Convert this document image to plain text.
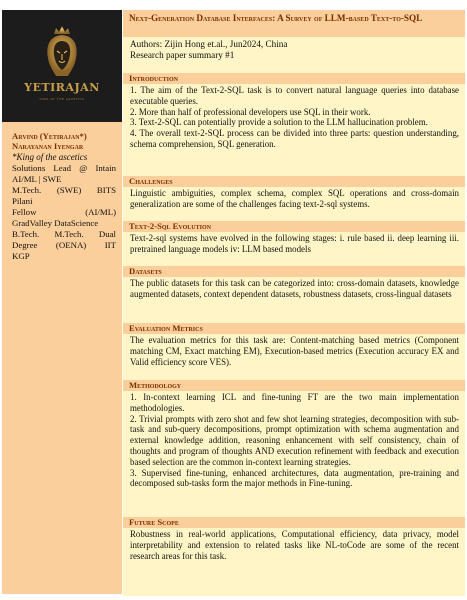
YETIRAJAN
KING OF THE ASCETICS
Arvind (Yetirajan*) Narayanan Iyengar
*King of the ascetics
Solutions Lead @ Intain
AI/ML | SWE
M.Tech. (SWE) BITS
Pilani
Fellow (AI/ML)
GradValley DataScience
B.Tech. M.Tech. Dual
Degree (OENA) IIT
KGP
Next-Generation Database Interfaces: A Survey of LLM-based Text-to-SQL
Authors: Zijin Hong et.al., Jun2024, China
Research paper summary #1
Introduction

1. The aim of the Text-2-SQL task is to convert natural language queries into database executable queries.

2. More than half of professional developers use SQL in their work.

3. Text-2-SQL can potentially provide a solution to the LLM hallucination problem.

4. The overall text-2-SQL process can be divided into three parts: question understanding, schema comprehension, SQL generation.

Challenges

Linguistic ambiguities, complex schema, complex SQL operations and cross-domain generalization are some of the challenges facing text-2-sql systems.

Text-2-Sql Evolution

Text-2-sql systems have evolved in the following stages: i. rule based ii. deep learning iii. pretrained language models iv: LLM based models

Datasets

The public datasets for this task can be categorized into: cross-domain datasets, knowledge augmented datasets, context dependent datasets, robustness datasets, cross-lingual datasets

Evaluation Metrics

The evaluation metrics for this task are: Content-matching based metrics (Component matching CM, Exact matching EM), Execution-based metrics (Execution accuracy EX and Valid efficiency score VES).

Methodology

1. In-context learning ICL and fine-tuning FT are the two main implementation methodologies.

2. Trivial prompts with zero shot and few shot learning strategies, decomposition with sub-task and sub-query decompositions, prompt optimization with schema augmentation and external knowledge addition, reasoning enhancement with self consistency, chain of thoughts and program of thoughts AND execution refinement with feedback and execution based selection are the common in-context learning strategies.

3. Supervised fine-tuning, enhanced architectures, data augmentation, pre-training and decomposed sub-tasks form the major methods in Fine-tuning.

Future Scope

Robustness in real-world applications, Computational efficiency, data privacy, model interpretability and extension to related tasks like NL-toCode are some of the recent research areas for this task.
